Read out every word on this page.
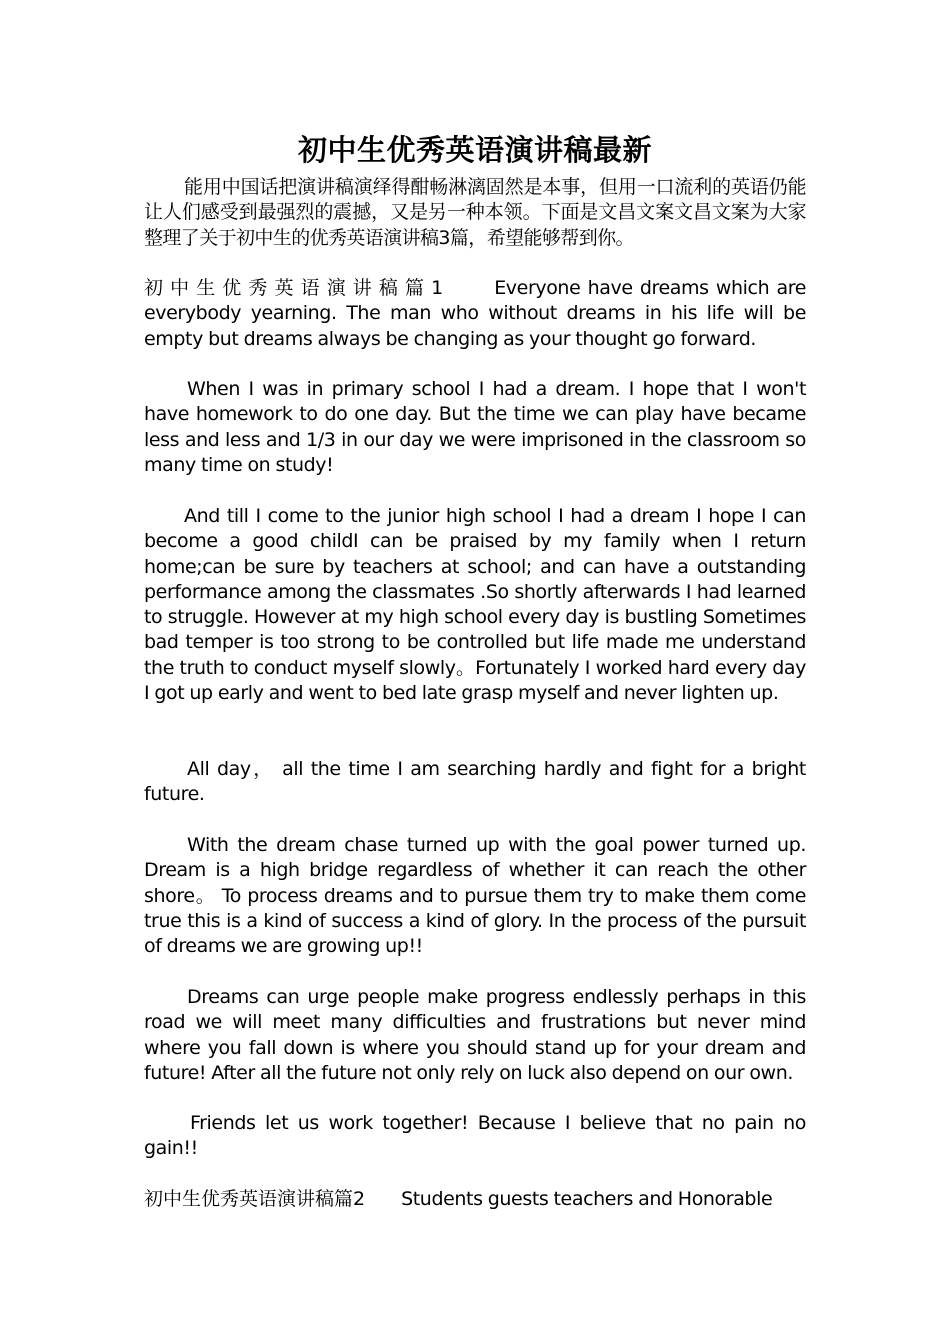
初中生优秀英语演讲稿最新

能用中国话把演讲稿演绎得酣畅淋漓固然是本事，但用一口流利的英语仍能让人们感受到最强烈的震撼，又是另一种本领。下面是文昌文案文昌文案为大家整理了关于初中生的优秀英语演讲稿3篇，希望能够帮到你。

初中生优秀英语演讲稿篇1 Everyone have dreams which are everybody yearning. The man who without dreams in his life will be empty but dreams always be changing as your thought go forward.

When I was in primary school I had a dream. I hope that I won't have homework to do one day. But the time we can play have became less and less and 1/3 in our day we were imprisoned in the classroom so many time on study!

And till I come to the junior high school I had a dream I hope I can become a good childI can be praised by my family when I return home;can be sure by teachers at school; and can have a outstanding performance among the classmates .So shortly afterwards I had learned to struggle. However at my high school every day is bustling Sometimes bad temper is too strong to be controlled but life made me understand the truth to conduct myself slowly。Fortunately I worked hard every day I got up early and went to bed late grasp myself and never lighten up.

All day， all the time I am searching hardly and fight for a bright future.

With the dream chase turned up with the goal power turned up. Dream is a high bridge regardless of whether it can reach the other shore。 To process dreams and to pursue them try to make them come true this is a kind of success a kind of glory. In the process of the pursuit of dreams we are growing up!!

Dreams can urge people make progress endlessly perhaps in this road we will meet many difficulties and frustrations but never mind where you fall down is where you should stand up for your dream and future! After all the future not only rely on luck also depend on our own.

Friends let us work together! Because I believe that no pain no gain!!

初中生优秀英语演讲稿篇2 Students guests teachers and Honorable
